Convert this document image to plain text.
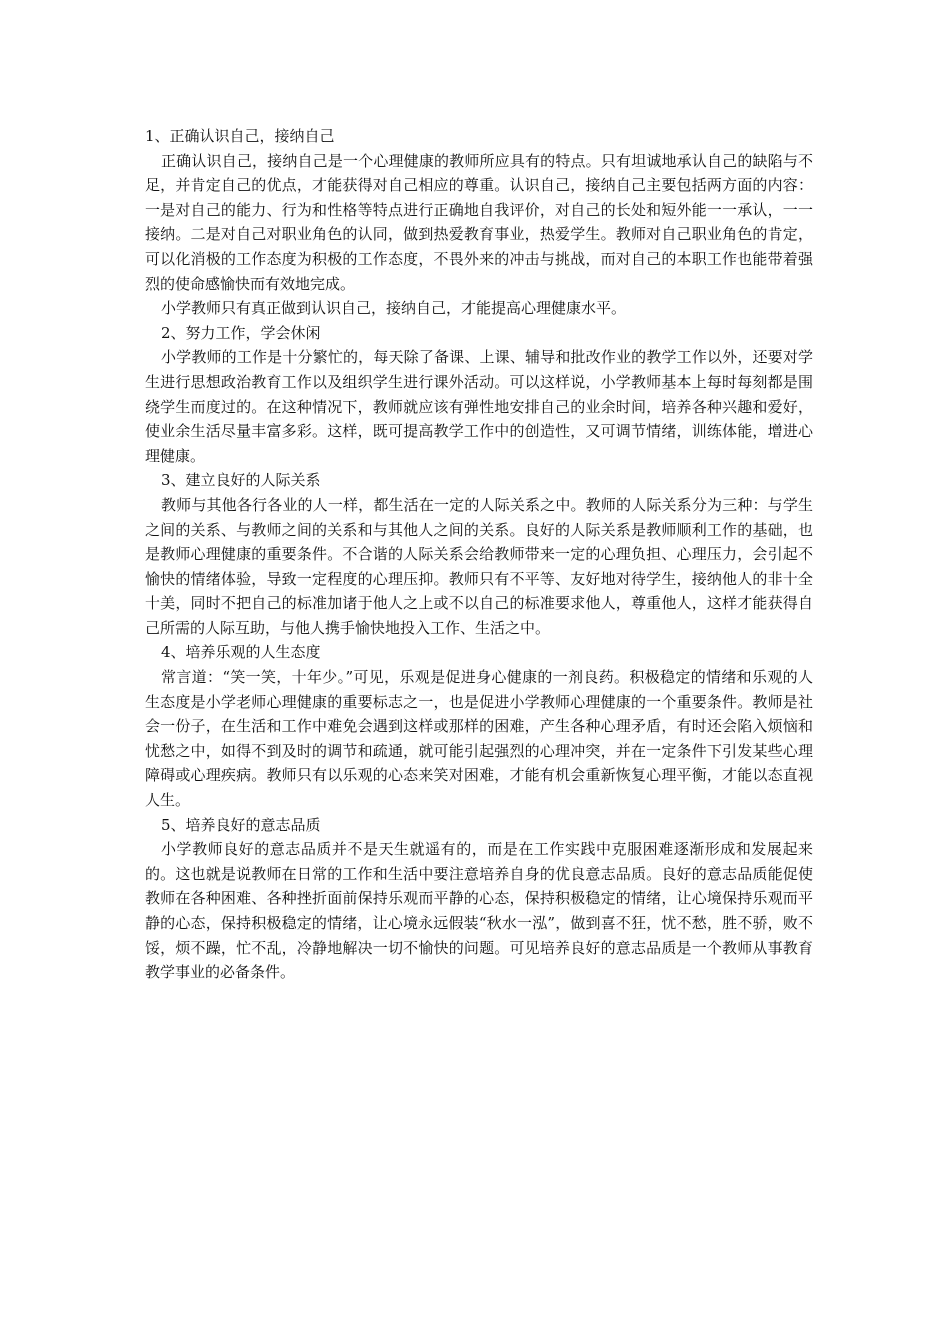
1、正确认识自己，接纳自己

正确认识自己，接纳自己是一个心理健康的教师所应具有的特点。只有坦诚地承认自己的缺陷与不足，并肯定自己的优点，才能获得对自己相应的尊重。认识自己，接纳自己主要包括两方面的内容：一是对自己的能力、行为和性格等特点进行正确地自我评价，对自己的长处和短外能一一承认，一一接纳。二是对自己对职业角色的认同，做到热爱教育事业，热爱学生。教师对自己职业角色的肯定，可以化消极的工作态度为积极的工作态度，不畏外来的冲击与挑战，而对自己的本职工作也能带着强烈的使命感愉快而有效地完成。

小学教师只有真正做到认识自己，接纳自己，才能提高心理健康水平。

2、努力工作，学会休闲

小学教师的工作是十分繁忙的，每天除了备课、上课、辅导和批改作业的教学工作以外，还要对学生进行思想政治教育工作以及组织学生进行课外活动。可以这样说，小学教师基本上每时每刻都是围绕学生而度过的。在这种情况下，教师就应该有弹性地安排自己的业余时间，培养各种兴趣和爱好，使业余生活尽量丰富多彩。这样，既可提高教学工作中的创造性，又可调节情绪，训练体能，增进心理健康。

3、建立良好的人际关系

教师与其他各行各业的人一样，都生活在一定的人际关系之中。教师的人际关系分为三种：与学生之间的关系、与教师之间的关系和与其他人之间的关系。良好的人际关系是教师顺利工作的基础，也是教师心理健康的重要条件。不合谐的人际关系会给教师带来一定的心理负担、心理压力，会引起不愉快的情绪体验，导致一定程度的心理压抑。教师只有不平等、友好地对待学生，接纳他人的非十全十美，同时不把自己的标准加诸于他人之上或不以自己的标准要求他人，尊重他人，这样才能获得自己所需的人际互助，与他人携手愉快地投入工作、生活之中。

4、培养乐观的人生态度

常言道：“笑一笑，十年少。”可见，乐观是促进身心健康的一剂良药。积极稳定的情绪和乐观的人生态度是小学老师心理健康的重要标志之一，也是促进小学教师心理健康的一个重要条件。教师是社会一份子，在生活和工作中难免会遇到这样或那样的困难，产生各种心理矛盾，有时还会陷入烦恼和忧愁之中，如得不到及时的调节和疏通，就可能引起强烈的心理冲突，并在一定条件下引发某些心理障碍或心理疾病。教师只有以乐观的心态来笑对困难，才能有机会重新恢复心理平衡，才能以态直视人生。

5、培养良好的意志品质

小学教师良好的意志品质并不是天生就遥有的，而是在工作实践中克服困难逐渐形成和发展起来的。这也就是说教师在日常的工作和生活中要注意培养自身的优良意志品质。良好的意志品质能促使教师在各种困难、各种挫折面前保持乐观而平静的心态，保持积极稳定的情绪，让心境保持乐观而平静的心态，保持积极稳定的情绪，让心境永远假装“秋水一泓”，做到喜不狂，忧不愁，胜不骄，败不馁，烦不躁，忙不乱，冷静地解决一切不愉快的问题。可见培养良好的意志品质是一个教师从事教育教学事业的必备条件。
